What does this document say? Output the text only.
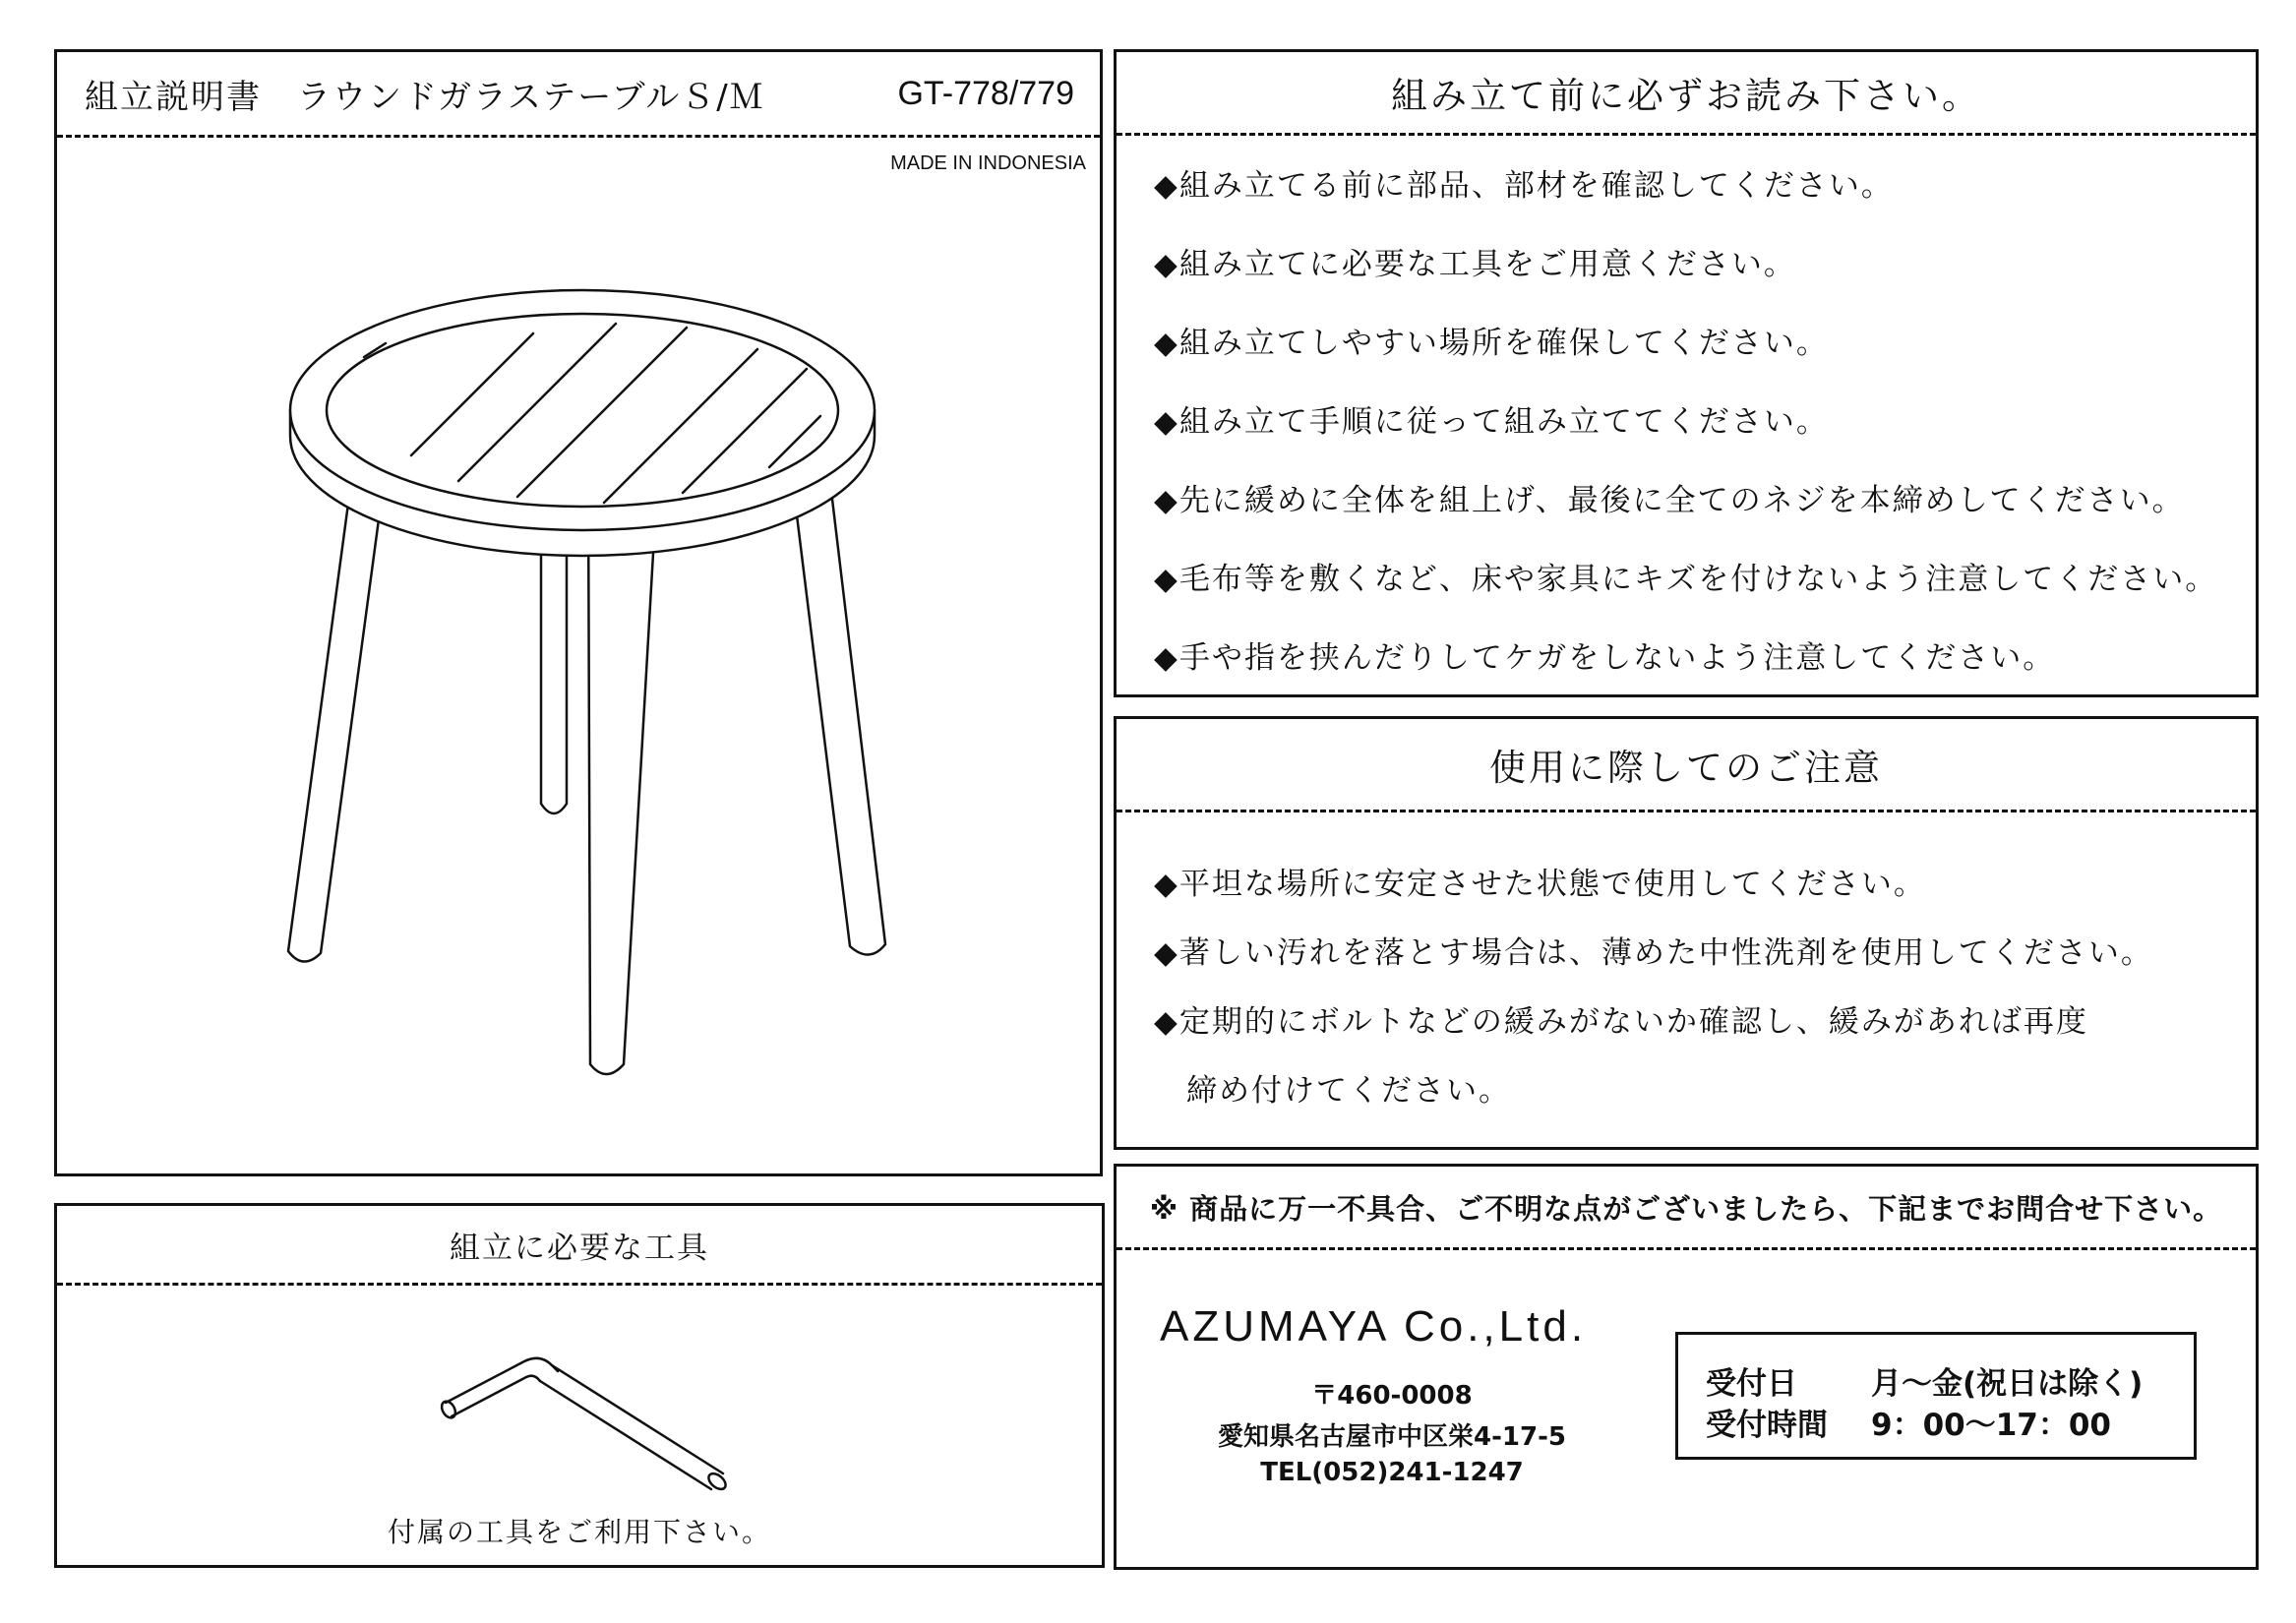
組立説明書　ラウンドガラステーブルＳ/Ｍ	GT-778/779
MADE IN INDONESIA
組立に必要な工具
付属の工具をご利用下さい。
組み立て前に必ずお読み下さい。
◆組み立てる前に部品、部材を確認してください。
◆組み立てに必要な工具をご用意ください。
◆組み立てしやすい場所を確保してください。
◆組み立て手順に従って組み立ててください。
◆先に緩めに全体を組上げ、最後に全てのネジを本締めしてください。
◆毛布等を敷くなど、床や家具にキズを付けないよう注意してください。
◆手や指を挟んだりしてケガをしないよう注意してください。
使用に際してのご注意
◆平坦な場所に安定させた状態で使用してください。
◆著しい汚れを落とす場合は、薄めた中性洗剤を使用してください。
◆定期的にボルトなどの緩みがないか確認し、緩みがあれば再度
　締め付けてください。
※ 商品に万一不具合、ご不明な点がございましたら、下記までお問合せ下さい。
AZUMAYA Co.,Ltd.
〒460-0008
愛知県名古屋市中区栄4-17-5
TEL(052)241-1247
受付日 月～金(祝日は除く)
受付時間 9：00～17：00
